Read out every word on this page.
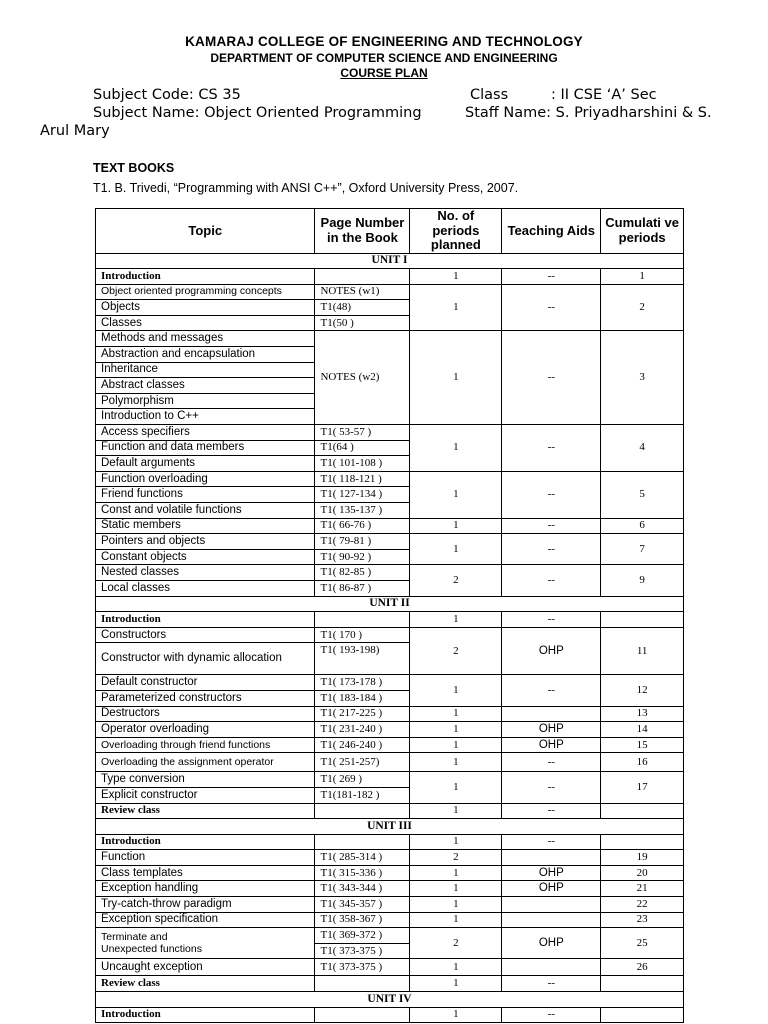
KAMARAJ COLLEGE OF ENGINEERING AND TECHNOLOGY
DEPARTMENT OF COMPUTER SCIENCE AND ENGINEERING
COURSE PLAN
Subject Code: CS 35	Class	: II CSE ‘A’ Sec
Subject Name: Object Oriented Programming	Staff Name: S. Priyadharshini & S.
Arul Mary
TEXT BOOKS
T1. B. Trivedi, “Programming with ANSI C++”, Oxford University Press, 2007.
Topic	Page Number in the Book	No. of periods planned	Teaching Aids	Cumulati ve periods
UNIT I				
Introduction		1	--	1
Object oriented programming concepts	NOTES (w1)	1	--	2
Objects	T1(48)			
Classes	T1(50 )			
Methods and messages	NOTES (w2)	1	--	3
Abstraction and encapsulation				
Inheritance				
Abstract classes				
Polymorphism				
Introduction to C++				
Access specifiers	T1( 53-57 )	1	--	4
Function and data members	T1(64 )			
Default arguments	T1( 101-108 )			
Function overloading	T1( 118-121 )	1	--	5
Friend functions	T1( 127-134 )			
Const and volatile functions	T1( 135-137 )			
Static members	T1( 66-76 )	1	--	6
Pointers and objects	T1( 79-81 )	1	--	7
Constant objects	T1( 90-92 )			
Nested classes	T1( 82-85 )	2	--	9
Local classes	T1( 86-87 )			
UNIT II				
Introduction		1	--	
Constructors	T1( 170 )	2	OHP	11
Constructor with dynamic allocation	T1( 193-198)			
Default constructor	T1( 173-178 )	1	--	12
Parameterized constructors	T1( 183-184 )			
Destructors	T1( 217-225 )	1		13
Operator overloading	T1( 231-240 )	1	OHP	14
Overloading through friend functions	T1( 246-240 )	1	OHP	15
Overloading the assignment operator	T1( 251-257)	1	--	16
Type conversion	T1( 269 )	1	--	17
Explicit constructor	T1(181-182 )			
Review class		1	--	
UNIT III				
Introduction		1	--	
Function	T1( 285-314 )	2		19
Class templates	T1( 315-336 )	1	OHP	20
Exception handling	T1( 343-344 )	1	OHP	21
Try-catch-throw paradigm	T1( 345-357 )	1		22
Exception specification	T1( 358-367 )	1		23
Terminate and
Unexpected functions	T1( 369-372 )	2	OHP	25
	T1( 373-375 )			
Uncaught exception	T1( 373-375 )	1		26
Review class		1	--	
UNIT IV				
Introduction		1	--	
